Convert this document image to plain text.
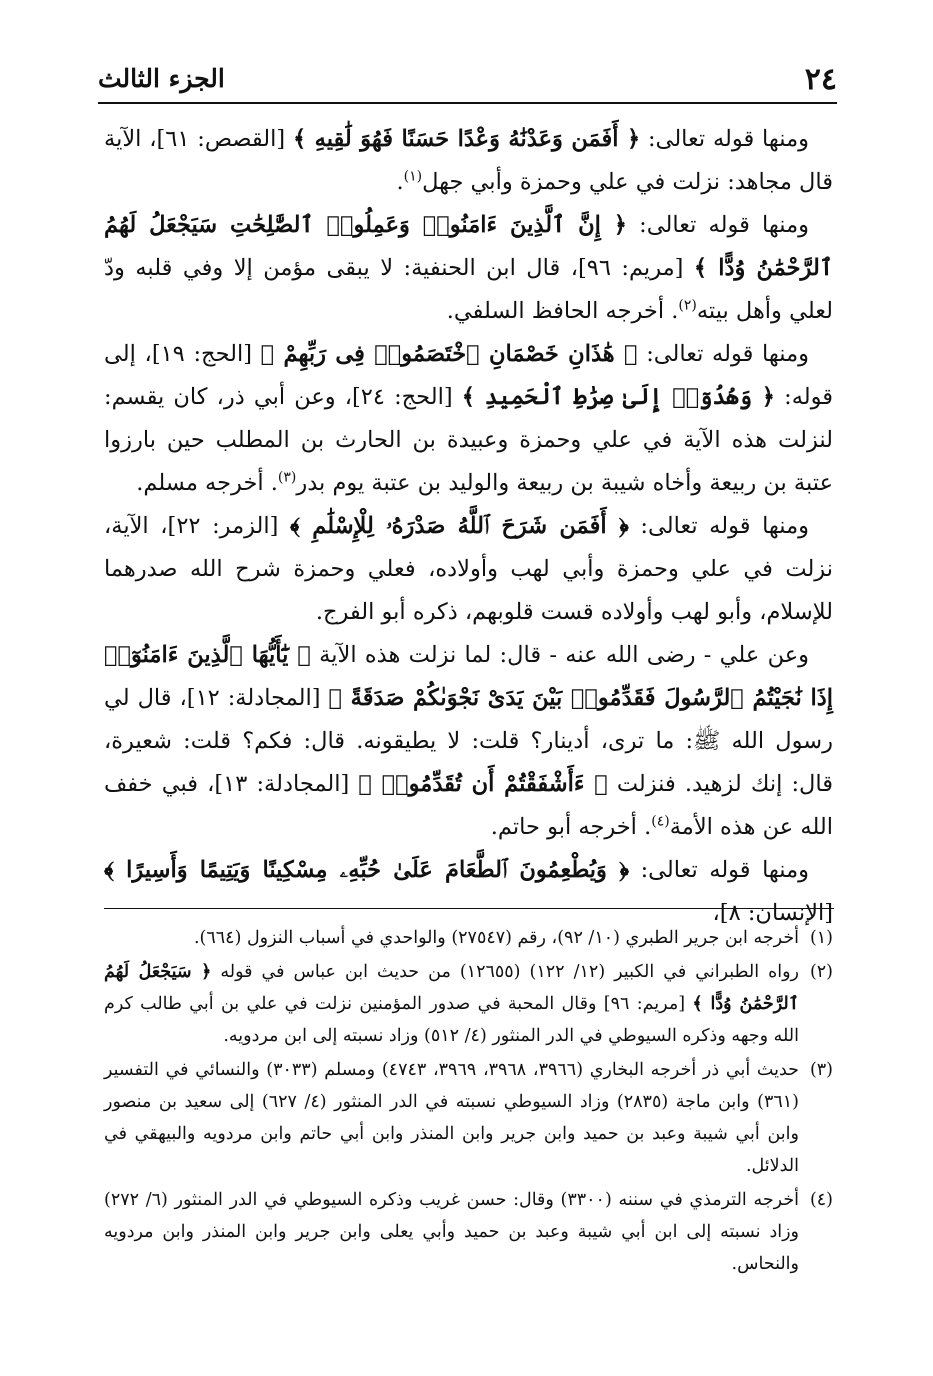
٢٤
الجزء الثالث

ومنها قوله تعالى: ﴿ أَفَمَن وَعَدْنَٰهُ وَعْدًا حَسَنًا فَهُوَ لَٰقِيهِ ﴾ [القصص: ٦١]، الآية قال مجاهد: نزلت في علي وحمزة وأبي جهل$^{(١)}$.

ومنها قوله تعالى: ﴿ إِنَّ ٱلَّذِينَ ءَامَنُوا۟ وَعَمِلُوا۟ ٱلصَّٰلِحَٰتِ سَيَجْعَلُ لَهُمُ ٱلرَّحْمَٰنُ وُدًّا ﴾ [مريم: ٩٦]، قال ابن الحنفية: لا يبقى مؤمن إلا وفي قلبه ودّ لعلي وأهل بيته$^{(٢)}$. أخرجه الحافظ السلفي.

ومنها قوله تعالى: ﴿ هَٰذَانِ خَصْمَانِ ٱخْتَصَمُوا۟ فِى رَبِّهِمْ ﴾ [الحج: ١٩]، إلى قوله: ﴿ وَهُدُوٓا۟ إِلَىٰ صِرَٰطِ ٱلْحَمِيدِ ﴾ [الحج: ٢٤]، وعن أبي ذر، كان يقسم: لنزلت هذه الآية في علي وحمزة وعبيدة بن الحارث بن المطلب حين بارزوا عتبة بن ربيعة وأخاه شيبة بن ربيعة والوليد بن عتبة يوم بدر$^{(٣)}$. أخرجه مسلم.

ومنها قوله تعالى: ﴿ أَفَمَن شَرَحَ ٱللَّهُ صَدْرَهُۥ لِلْإِسْلَٰمِ ﴾ [الزمر: ٢٢]، الآية، نزلت في علي وحمزة وأبي لهب وأولاده، فعلي وحمزة شرح الله صدرهما للإسلام، وأبو لهب وأولاده قست قلوبهم، ذكره أبو الفرج.

وعن علي - رضى الله عنه - قال: لما نزلت هذه الآية ﴿ يَٰٓأَيُّهَا ٱلَّذِينَ ءَامَنُوٓا۟ إِذَا نَٰجَيْتُمُ ٱلرَّسُولَ فَقَدِّمُوا۟ بَيْنَ يَدَىْ نَجْوَىٰكُمْ صَدَقَةً ﴾ [المجادلة: ١٢]، قال لي رسول الله ﷺ: ما ترى، أدينار؟ قلت: لا يطيقونه. قال: فكم؟ قلت: شعيرة، قال: إنك لزهيد. فنزلت ﴿ ءَأَشْفَقْتُمْ أَن تُقَدِّمُوا۟ ﴾ [المجادلة: ١٣]، فبي خفف الله عن هذه الأمة$^{(٤)}$. أخرجه أبو حاتم.

ومنها قوله تعالى: ﴿ وَيُطْعِمُونَ ٱلطَّعَامَ عَلَىٰ حُبِّهِۦ مِسْكِينًا وَيَتِيمًا وَأَسِيرًا ﴾ [الإنسان: ٨]،

(١)
أخرجه ابن جرير الطبري (١٠/ ٩٢)، رقم (٢٧٥٤٧) والواحدي في أسباب النزول (٦٦٤).
(٢)
رواه الطبراني في الكبير (١٢/ ١٢٢) (١٢٦٥٥) من حديث ابن عباس في قوله ﴿ سَيَجْعَلُ لَهُمُ ٱلرَّحْمَٰنُ وُدًّا ﴾ [مريم: ٩٦] وقال المحبة في صدور المؤمنين نزلت في علي بن أبي طالب كرم الله وجهه وذكره السيوطي في الدر المنثور (٤/ ٥١٢) وزاد نسبته إلى ابن مردويه.
(٣)
حديث أبي ذر أخرجه البخاري (٣٩٦٦، ٣٩٦٨، ٣٩٦٩، ٤٧٤٣) ومسلم (٣٠٣٣) والنسائي في التفسير (٣٦١) وابن ماجة (٢٨٣٥) وزاد السيوطي نسبته في الدر المنثور (٤/ ٦٢٧) إلى سعيد بن منصور وابن أبي شيبة وعبد بن حميد وابن جرير وابن المنذر وابن أبي حاتم وابن مردويه والبيهقي في الدلائل.
(٤)
أخرجه الترمذي في سننه (٣٣٠٠) وقال: حسن غريب وذكره السيوطي في الدر المنثور (٦/ ٢٧٢) وزاد نسبته إلى ابن أبي شيبة وعبد بن حميد وأبي يعلى وابن جرير وابن المنذر وابن مردويه والنحاس.
